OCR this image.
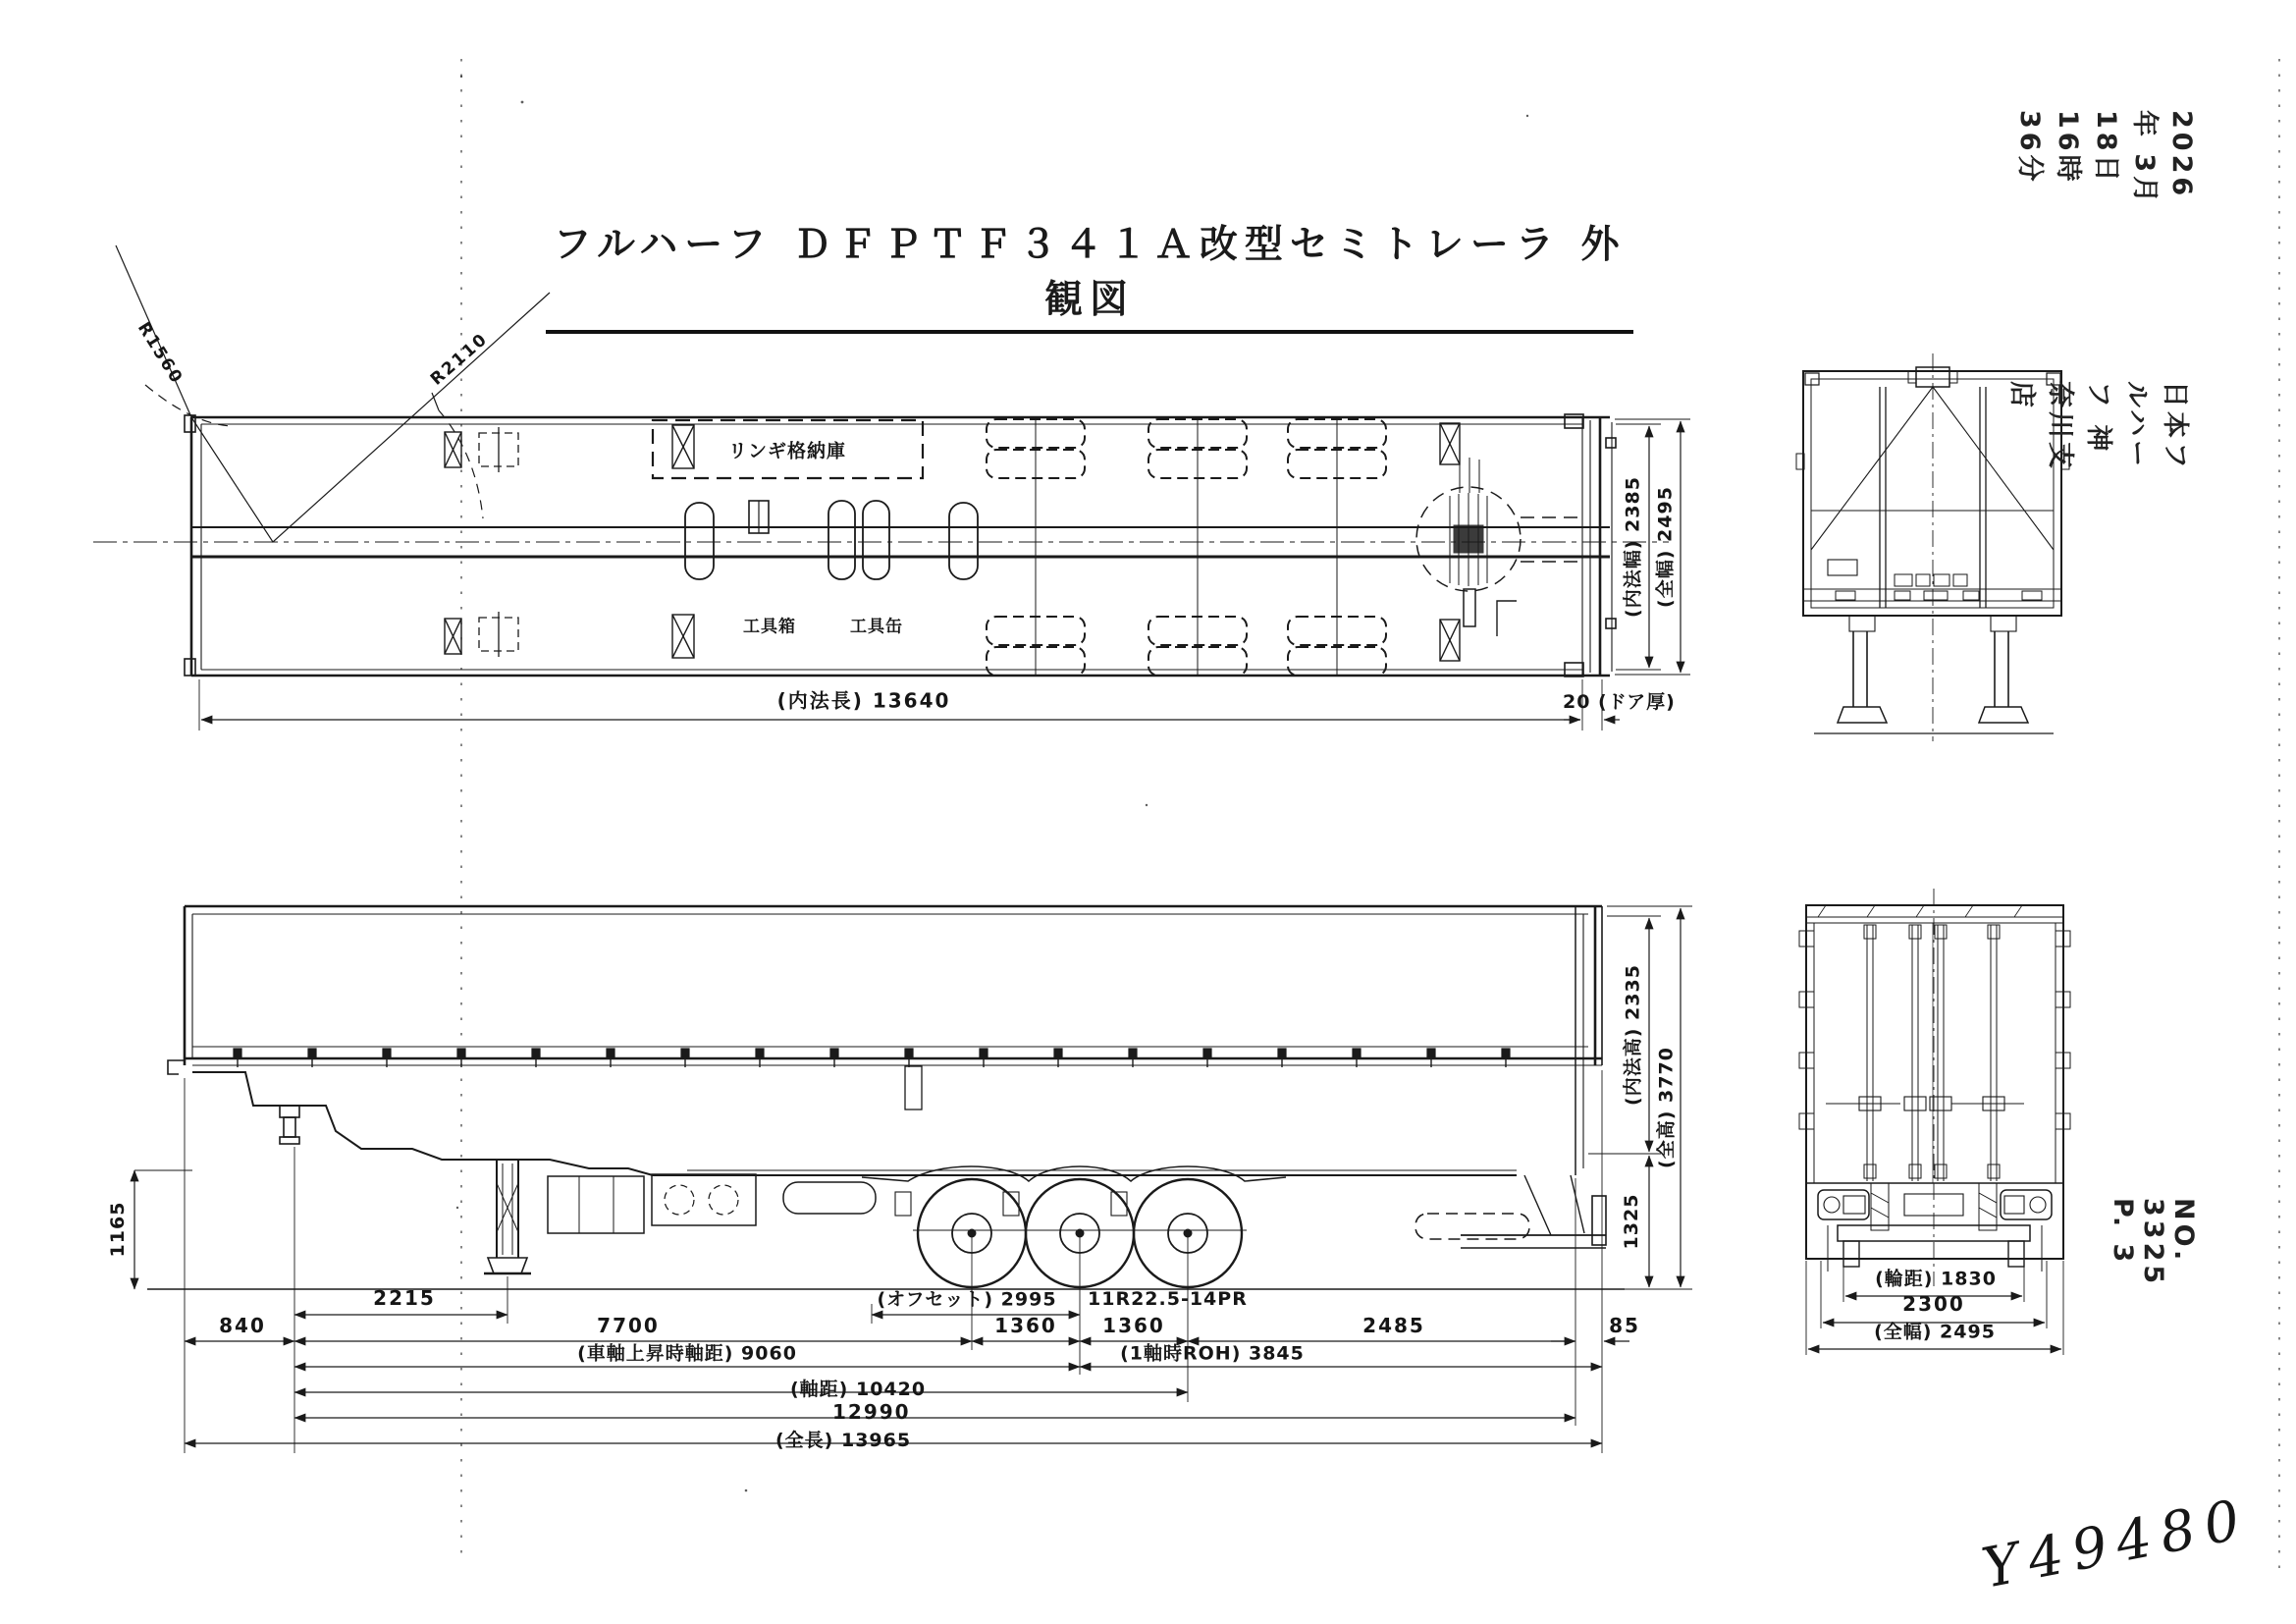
フルハーフ ＤＦＰＴＦ３４１Ａ改型セミトレーラ 外観図
2026年 3月18日 16時36分
日本フルハーフ 神奈川支店
NO. 3325 P. 3
Y49480
リンギ格納庫
工具箱	工具缶
R1560	R2110
(内法長) 13640
(内法幅) 2385 (全幅) 2495
20 (ドア厚)
1165
2215
840	7700
(オフセット) 2995 11R22.5-14PR
1360 1360	2485	85
(車軸上昇時軸距) 9060	(1軸時ROH) 3845
(軸距) 10420
12990
(全長) 13965
(内法高) 2335
1325
(全高) 3770
(輪距) 1830
2300
(全幅) 2495
